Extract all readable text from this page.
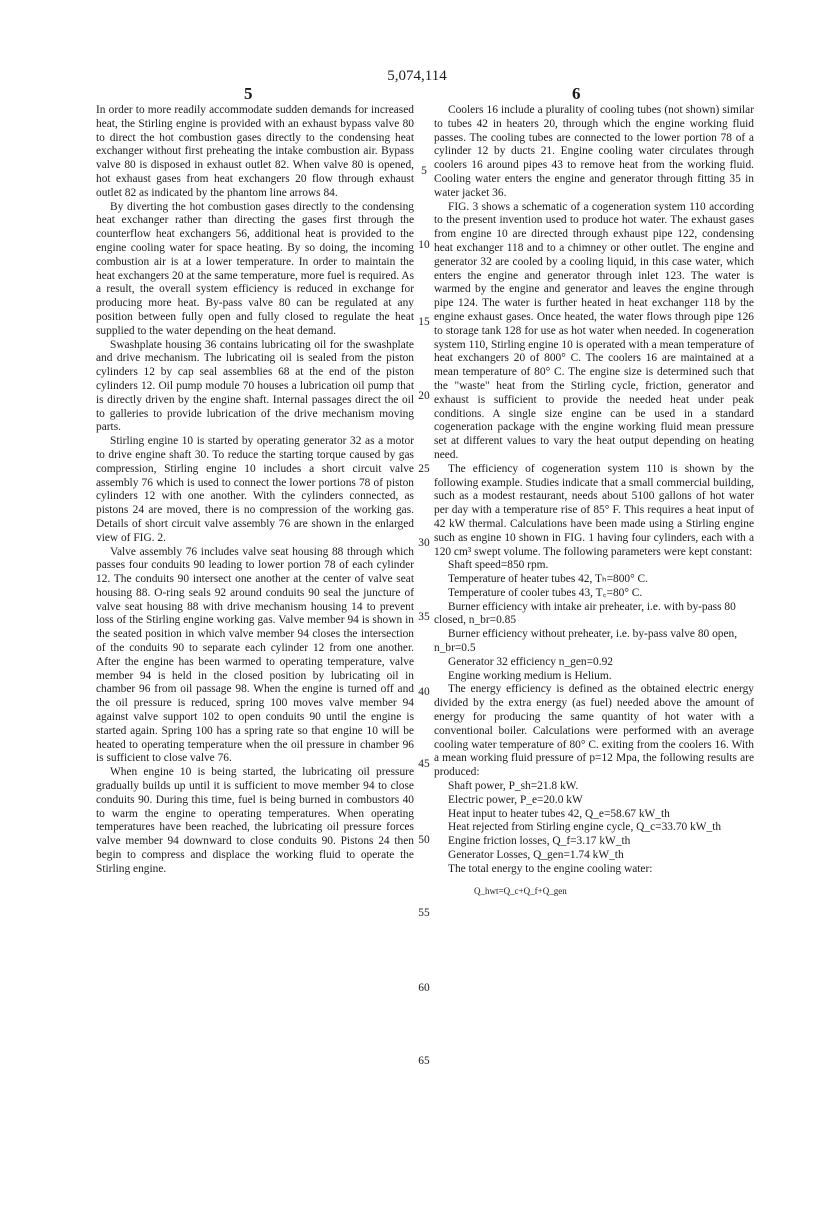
5,074,114
5	6

In order to more readily accommodate sudden demands for increased heat, the Stirling engine is provided with an exhaust bypass valve 80 to direct the hot combustion gases directly to the condensing heat exchanger without first preheating the intake combustion air. Bypass valve 80 is disposed in exhaust outlet 82. When valve 80 is opened, hot exhaust gases from heat exchangers 20 flow through exhaust outlet 82 as indicated by the phantom line arrows 84.

By diverting the hot combustion gases directly to the condensing heat exchanger rather than directing the gases first through the counterflow heat exchangers 56, additional heat is provided to the engine cooling water for space heating. By so doing, the incoming combustion air is at a lower temperature. In order to maintain the heat exchangers 20 at the same temperature, more fuel is required. As a result, the overall system efficiency is reduced in exchange for producing more heat. By-pass valve 80 can be regulated at any position between fully open and fully closed to regulate the heat supplied to the water depending on the heat demand.

Swashplate housing 36 contains lubricating oil for the swashplate and drive mechanism. The lubricating oil is sealed from the piston cylinders 12 by cap seal assemblies 68 at the end of the piston cylinders 12. Oil pump module 70 houses a lubrication oil pump that is directly driven by the engine shaft. Internal passages direct the oil to galleries to provide lubrication of the drive mechanism moving parts.

Stirling engine 10 is started by operating generator 32 as a motor to drive engine shaft 30. To reduce the starting torque caused by gas compression, Stirling engine 10 includes a short circuit valve assembly 76 which is used to connect the lower portions 78 of piston cylinders 12 with one another. With the cylinders connected, as pistons 24 are moved, there is no compression of the working gas. Details of short circuit valve assembly 76 are shown in the enlarged view of FIG. 2.

Valve assembly 76 includes valve seat housing 88 through which passes four conduits 90 leading to lower portion 78 of each cylinder 12. The conduits 90 intersect one another at the center of valve seat housing 88. O-ring seals 92 around conduits 90 seal the juncture of valve seat housing 88 with drive mechanism housing 14 to prevent loss of the Stirling engine working gas. Valve member 94 is shown in the seated position in which valve member 94 closes the intersection of the conduits 90 to separate each cylinder 12 from one another. After the engine has been warmed to operating temperature, valve member 94 is held in the closed position by lubricating oil in chamber 96 from oil passage 98. When the engine is turned off and the oil pressure is reduced, spring 100 moves valve member 94 against valve support 102 to open conduits 90 until the engine is started again. Spring 100 has a spring rate so that engine 10 will be heated to operating temperature when the oil pressure in chamber 96 is sufficient to close valve 76.

When engine 10 is being started, the lubricating oil pressure gradually builds up until it is sufficient to move member 94 to close conduits 90. During this time, fuel is being burned in combustors 40 to warm the engine to operating temperatures. When operating temperatures have been reached, the lubricating oil pressure forces valve member 94 downward to close conduits 90. Pistons 24 then begin to compress and displace the working fluid to operate the Stirling engine.

Coolers 16 include a plurality of cooling tubes (not shown) similar to tubes 42 in heaters 20, through which the engine working fluid passes. The cooling tubes are connected to the lower portion 78 of a cylinder 12 by ducts 21. Engine cooling water circulates through coolers 16 around pipes 43 to remove heat from the working fluid. Cooling water enters the engine and generator through fitting 35 in water jacket 36.

FIG. 3 shows a schematic of a cogeneration system 110 according to the present invention used to produce hot water. The exhaust gases from engine 10 are directed through exhaust pipe 122, condensing heat exchanger 118 and to a chimney or other outlet. The engine and generator 32 are cooled by a cooling liquid, in this case water, which enters the engine and generator through inlet 123. The water is warmed by the engine and generator and leaves the engine through pipe 124. The water is further heated in heat exchanger 118 by the engine exhaust gases. Once heated, the water flows through pipe 126 to storage tank 128 for use as hot water when needed. In cogeneration system 110, Stirling engine 10 is operated with a mean temperature of heat exchangers 20 of 800° C. The coolers 16 are maintained at a mean temperature of 80° C. The engine size is determined such that the "waste" heat from the Stirling cycle, friction, generator and exhaust is sufficient to provide the needed heat under peak conditions. A single size engine can be used in a standard cogeneration package with the engine working fluid mean pressure set at different values to vary the heat output depending on heating need.

The efficiency of cogeneration system 110 is shown by the following example. Studies indicate that a small commercial building, such as a modest restaurant, needs about 5100 gallons of hot water per day with a temperature rise of 85° F. This requires a heat input of 42 kW thermal. Calculations have been made using a Stirling engine such as engine 10 shown in FIG. 1 having four cylinders, each with a 120 cm³ swept volume. The following parameters were kept constant:

Shaft speed=850 rpm.

Temperature of heater tubes 42, Tₕ=800° C.

Temperature of cooler tubes 43, T꜀=80° C.

Burner efficiency with intake air preheater, i.e. with by-pass 80 closed, n_br=0.85

Burner efficiency without preheater, i.e. by-pass valve 80 open, n_br=0.5

Generator 32 efficiency n_gen=0.92

Engine working medium is Helium.

The energy efficiency is defined as the obtained electric energy divided by the extra energy (as fuel) needed above the amount of energy for producing the same quantity of hot water with a conventional boiler. Calculations were performed with an average cooling water temperature of 80° C. exiting from the coolers 16. With a mean working fluid pressure of p=12 Mpa, the following results are produced:

Shaft power, P_sh=21.8 kW.

Electric power, P_e=20.0 kW

Heat input to heater tubes 42, Q_e=58.67 kW_th

Heat rejected from Stirling engine cycle, Q_c=33.70 kW_th

Engine friction losses, Q_f=3.17 kW_th

Generator Losses, Q_gen=1.74 kW_th

The total energy to the engine cooling water:

Q_hwt=Q_c+Q_f+Q_gen

5
10
15
20
25
30
35
40
45
50
55
60
65
